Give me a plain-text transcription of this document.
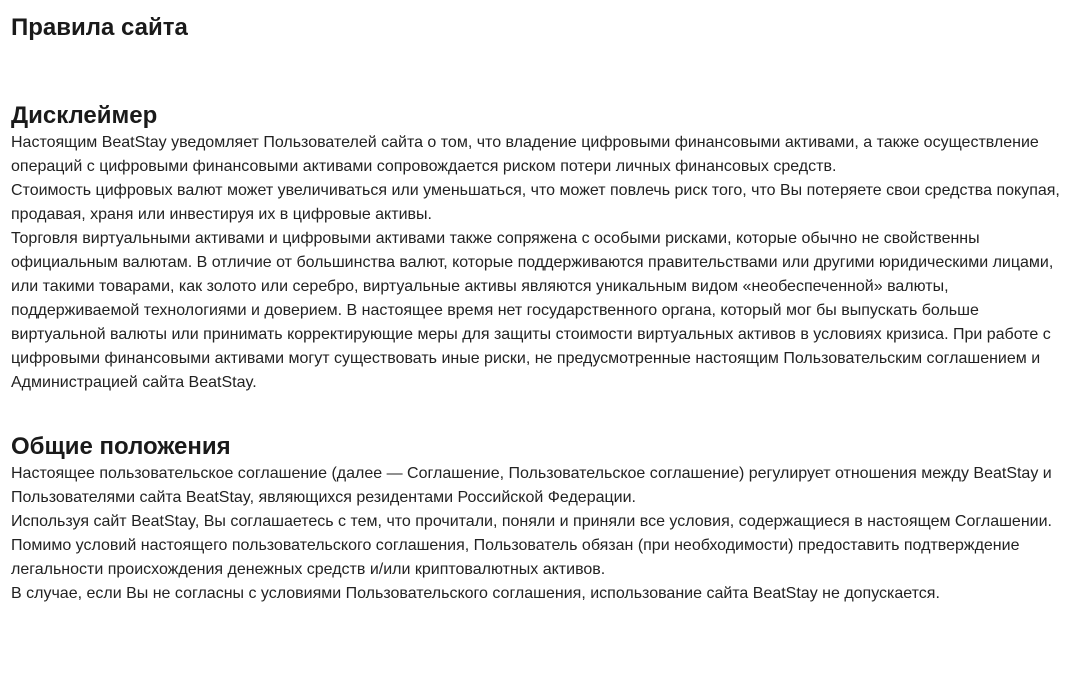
Правила сайта
Дисклеймер

Настоящим BeatStay уведомляет Пользователей сайта о том, что владение цифровыми финансовыми активами, а также осуществление операций с цифровыми финансовыми активами сопровождается риском потери личных финансовых средств.

Стоимость цифровых валют может увеличиваться или уменьшаться, что может повлечь риск того, что Вы потеряете свои средства покупая, продавая, храня или инвестируя их в цифровые активы.

Торговля виртуальными активами и цифровыми активами также сопряжена с особыми рисками, которые обычно не свойственны официальным валютам. В отличие от большинства валют, которые поддерживаются правительствами или другими юридическими лицами, или такими товарами, как золото или серебро, виртуальные активы являются уникальным видом «необеспеченной» валюты, поддерживаемой технологиями и доверием. В настоящее время нет государственного органа, который мог бы выпускать больше виртуальной валюты или принимать корректирующие меры для защиты стоимости виртуальных активов в условиях кризиса. При работе с цифровыми финансовыми активами могут существовать иные риски, не предусмотренные настоящим Пользовательским соглашением и Администрацией сайта BeatStay.

Общие положения

Настоящее пользовательское соглашение (далее — Соглашение, Пользовательское соглашение) регулирует отношения между BeatStay и Пользователями сайта BeatStay, являющихся резидентами Российской Федерации.

Используя сайт BeatStay, Вы соглашаетесь с тем, что прочитали, поняли и приняли все условия, содержащиеся в настоящем Соглашении.

Помимо условий настоящего пользовательского соглашения, Пользователь обязан (при необходимости) предоставить подтверждение легальности происхождения денежных средств и/или криптовалютных активов.

В случае, если Вы не согласны с условиями Пользовательского соглашения, использование сайта BeatStay не допускается.
